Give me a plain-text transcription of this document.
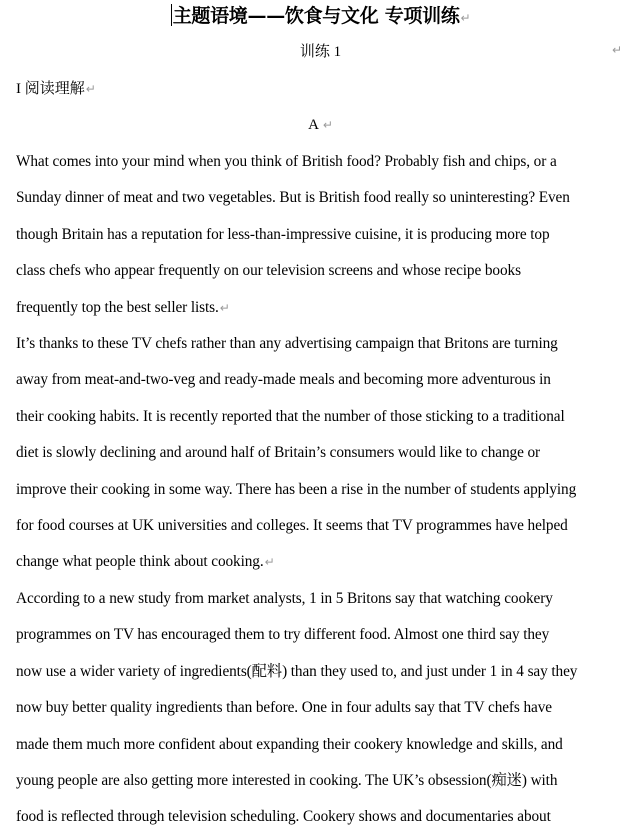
主题语境——饮食与文化 专项训练↵
训练 1	↵
I 阅读理解↵
A ↵
What comes into your mind when you think of British food? Probably fish and chips, or a
Sunday dinner of meat and two vegetables. But is British food really so uninteresting? Even
though Britain has a reputation for less-than-impressive cuisine, it is producing more top
class chefs who appear frequently on our television screens and whose recipe books
frequently top the best seller lists.↵
It’s thanks to these TV chefs rather than any advertising campaign that Britons are turning
away from meat-and-two-veg and ready-made meals and becoming more adventurous in
their cooking habits. It is recently reported that the number of those sticking to a traditional
diet is slowly declining and around half of Britain’s consumers would like to change or
improve their cooking in some way. There has been a rise in the number of students applying
for food courses at UK universities and colleges. It seems that TV programmes have helped
change what people think about cooking.↵
According to a new study from market analysts, 1 in 5 Britons say that watching cookery
programmes on TV has encouraged them to try different food. Almost one third say they
now use a wider variety of ingredients(配料) than they used to, and just under 1 in 4 say they
now buy better quality ingredients than before. One in four adults say that TV chefs have
made them much more confident about expanding their cookery knowledge and skills, and
young people are also getting more interested in cooking. The UK’s obsession(痴迷) with
food is reflected through television scheduling. Cookery shows and documentaries about
